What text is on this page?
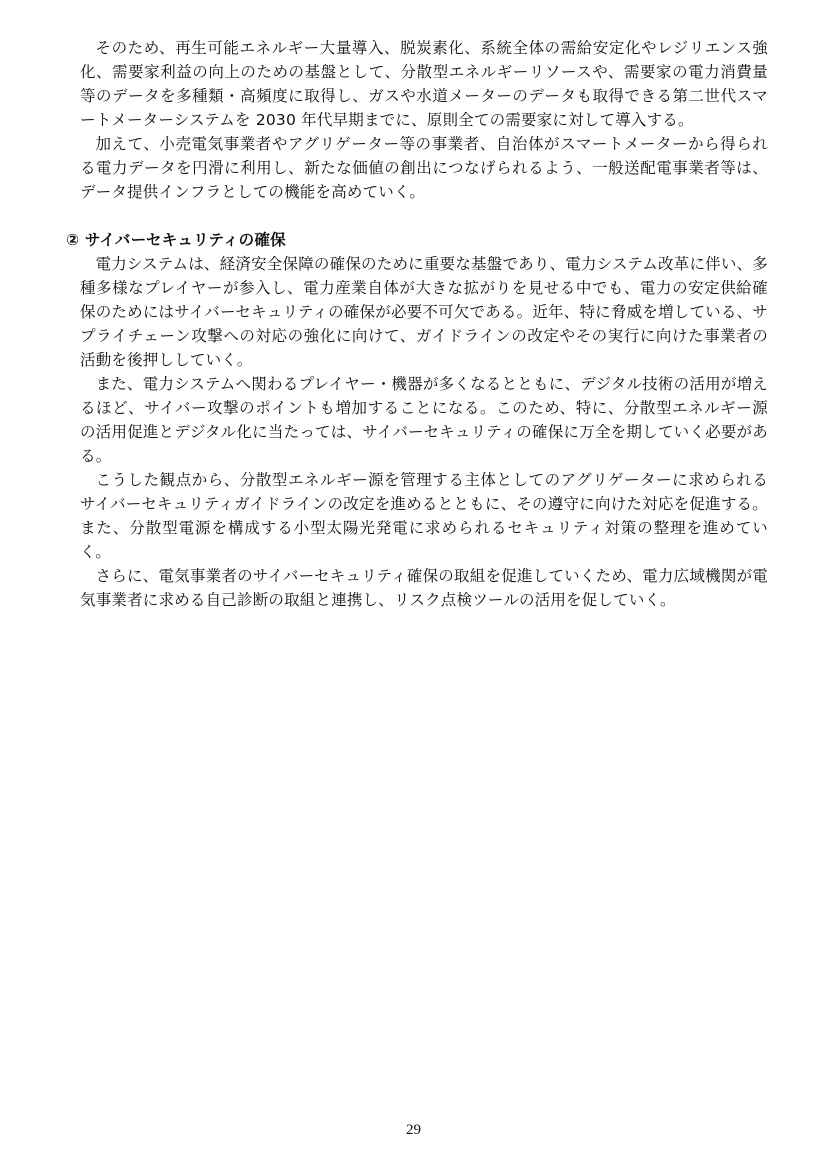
そのため、再生可能エネルギー大量導入、脱炭素化、系統全体の需給安定化やレジリエンス強化、需要家利益の向上のための基盤として、分散型エネルギーリソースや、需要家の電力消費量等のデータを多種類・高頻度に取得し、ガスや水道メーターのデータも取得できる第二世代スマートメーターシステムを 2030 年代早期までに、原則全ての需要家に対して導入する。

加えて、小売電気事業者やアグリゲーター等の事業者、自治体がスマートメーターから得られる電力データを円滑に利用し、新たな価値の創出につなげられるよう、一般送配電事業者等は、データ提供インフラとしての機能を高めていく。

② サイバーセキュリティの確保

電力システムは、経済安全保障の確保のために重要な基盤であり、電力システム改革に伴い、多種多様なプレイヤーが参入し、電力産業自体が大きな拡がりを見せる中でも、電力の安定供給確保のためにはサイバーセキュリティの確保が必要不可欠である。近年、特に脅威を増している、サプライチェーン攻撃への対応の強化に向けて、ガイドラインの改定やその実行に向けた事業者の活動を後押ししていく。

また、電力システムへ関わるプレイヤー・機器が多くなるとともに、デジタル技術の活用が増えるほど、サイバー攻撃のポイントも増加することになる。このため、特に、分散型エネルギー源の活用促進とデジタル化に当たっては、サイバーセキュリティの確保に万全を期していく必要がある。

こうした観点から、分散型エネルギー源を管理する主体としてのアグリゲーターに求められるサイバーセキュリティガイドラインの改定を進めるとともに、その遵守に向けた対応を促進する。また、分散型電源を構成する小型太陽光発電に求められるセキュリティ対策の整理を進めていく。

さらに、電気事業者のサイバーセキュリティ確保の取組を促進していくため、電力広域機関が電気事業者に求める自己診断の取組と連携し、リスク点検ツールの活用を促していく。

29
